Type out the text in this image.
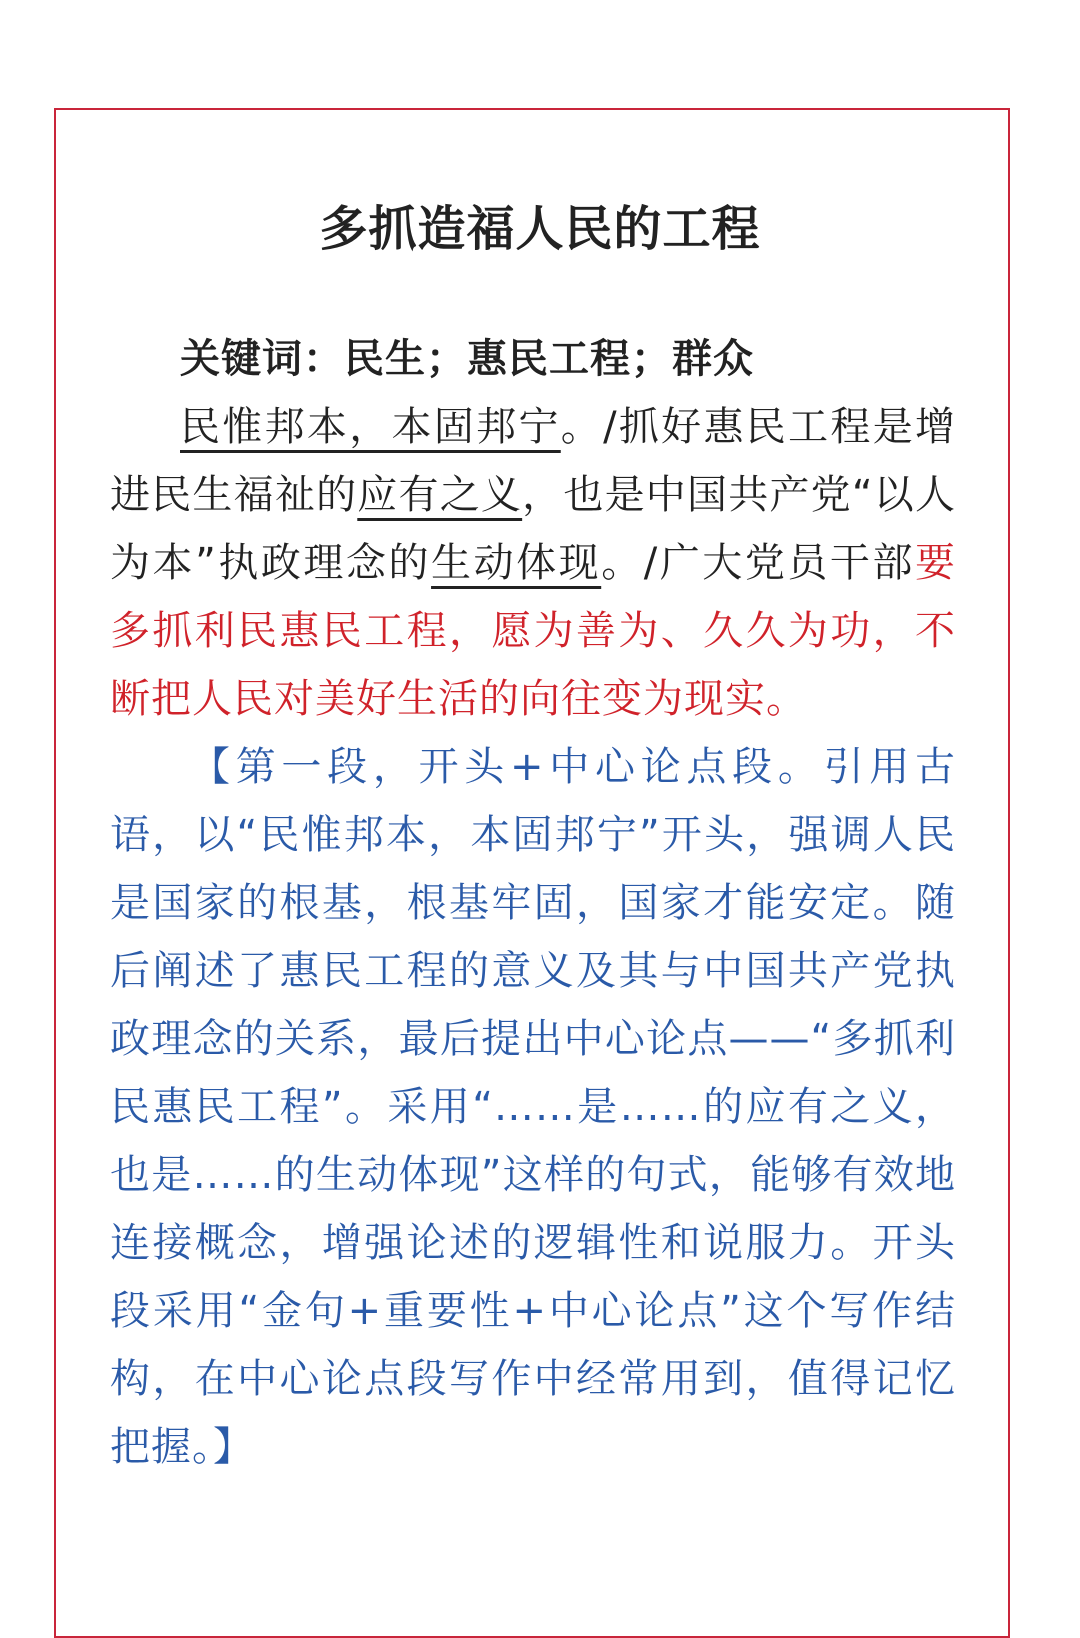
多抓造福人民的工程
关键词：民生；惠民工程；群众
民惟邦本，本固邦宁。/抓好惠民工程是增进民生福祉的应有之义，也是中国共产党“以人为本”执政理念的生动体现。/广大党员干部要多抓利民惠民工程，愿为善为、久久为功，不断把人民对美好生活的向往变为现实。
【第一段，开头+中心论点段。引用古语，以“民惟邦本，本固邦宁”开头，强调人民是国家的根基，根基牢固，国家才能安定。随后阐述了惠民工程的意义及其与中国共产党执政理念的关系，最后提出中心论点——“多抓利民惠民工程”。采用“……是……的应有之义，也是……的生动体现”这样的句式，能够有效地连接概念，增强论述的逻辑性和说服力。开头段采用“金句+重要性+中心论点”这个写作结构，在中心论点段写作中经常用到，值得记忆把握。】
